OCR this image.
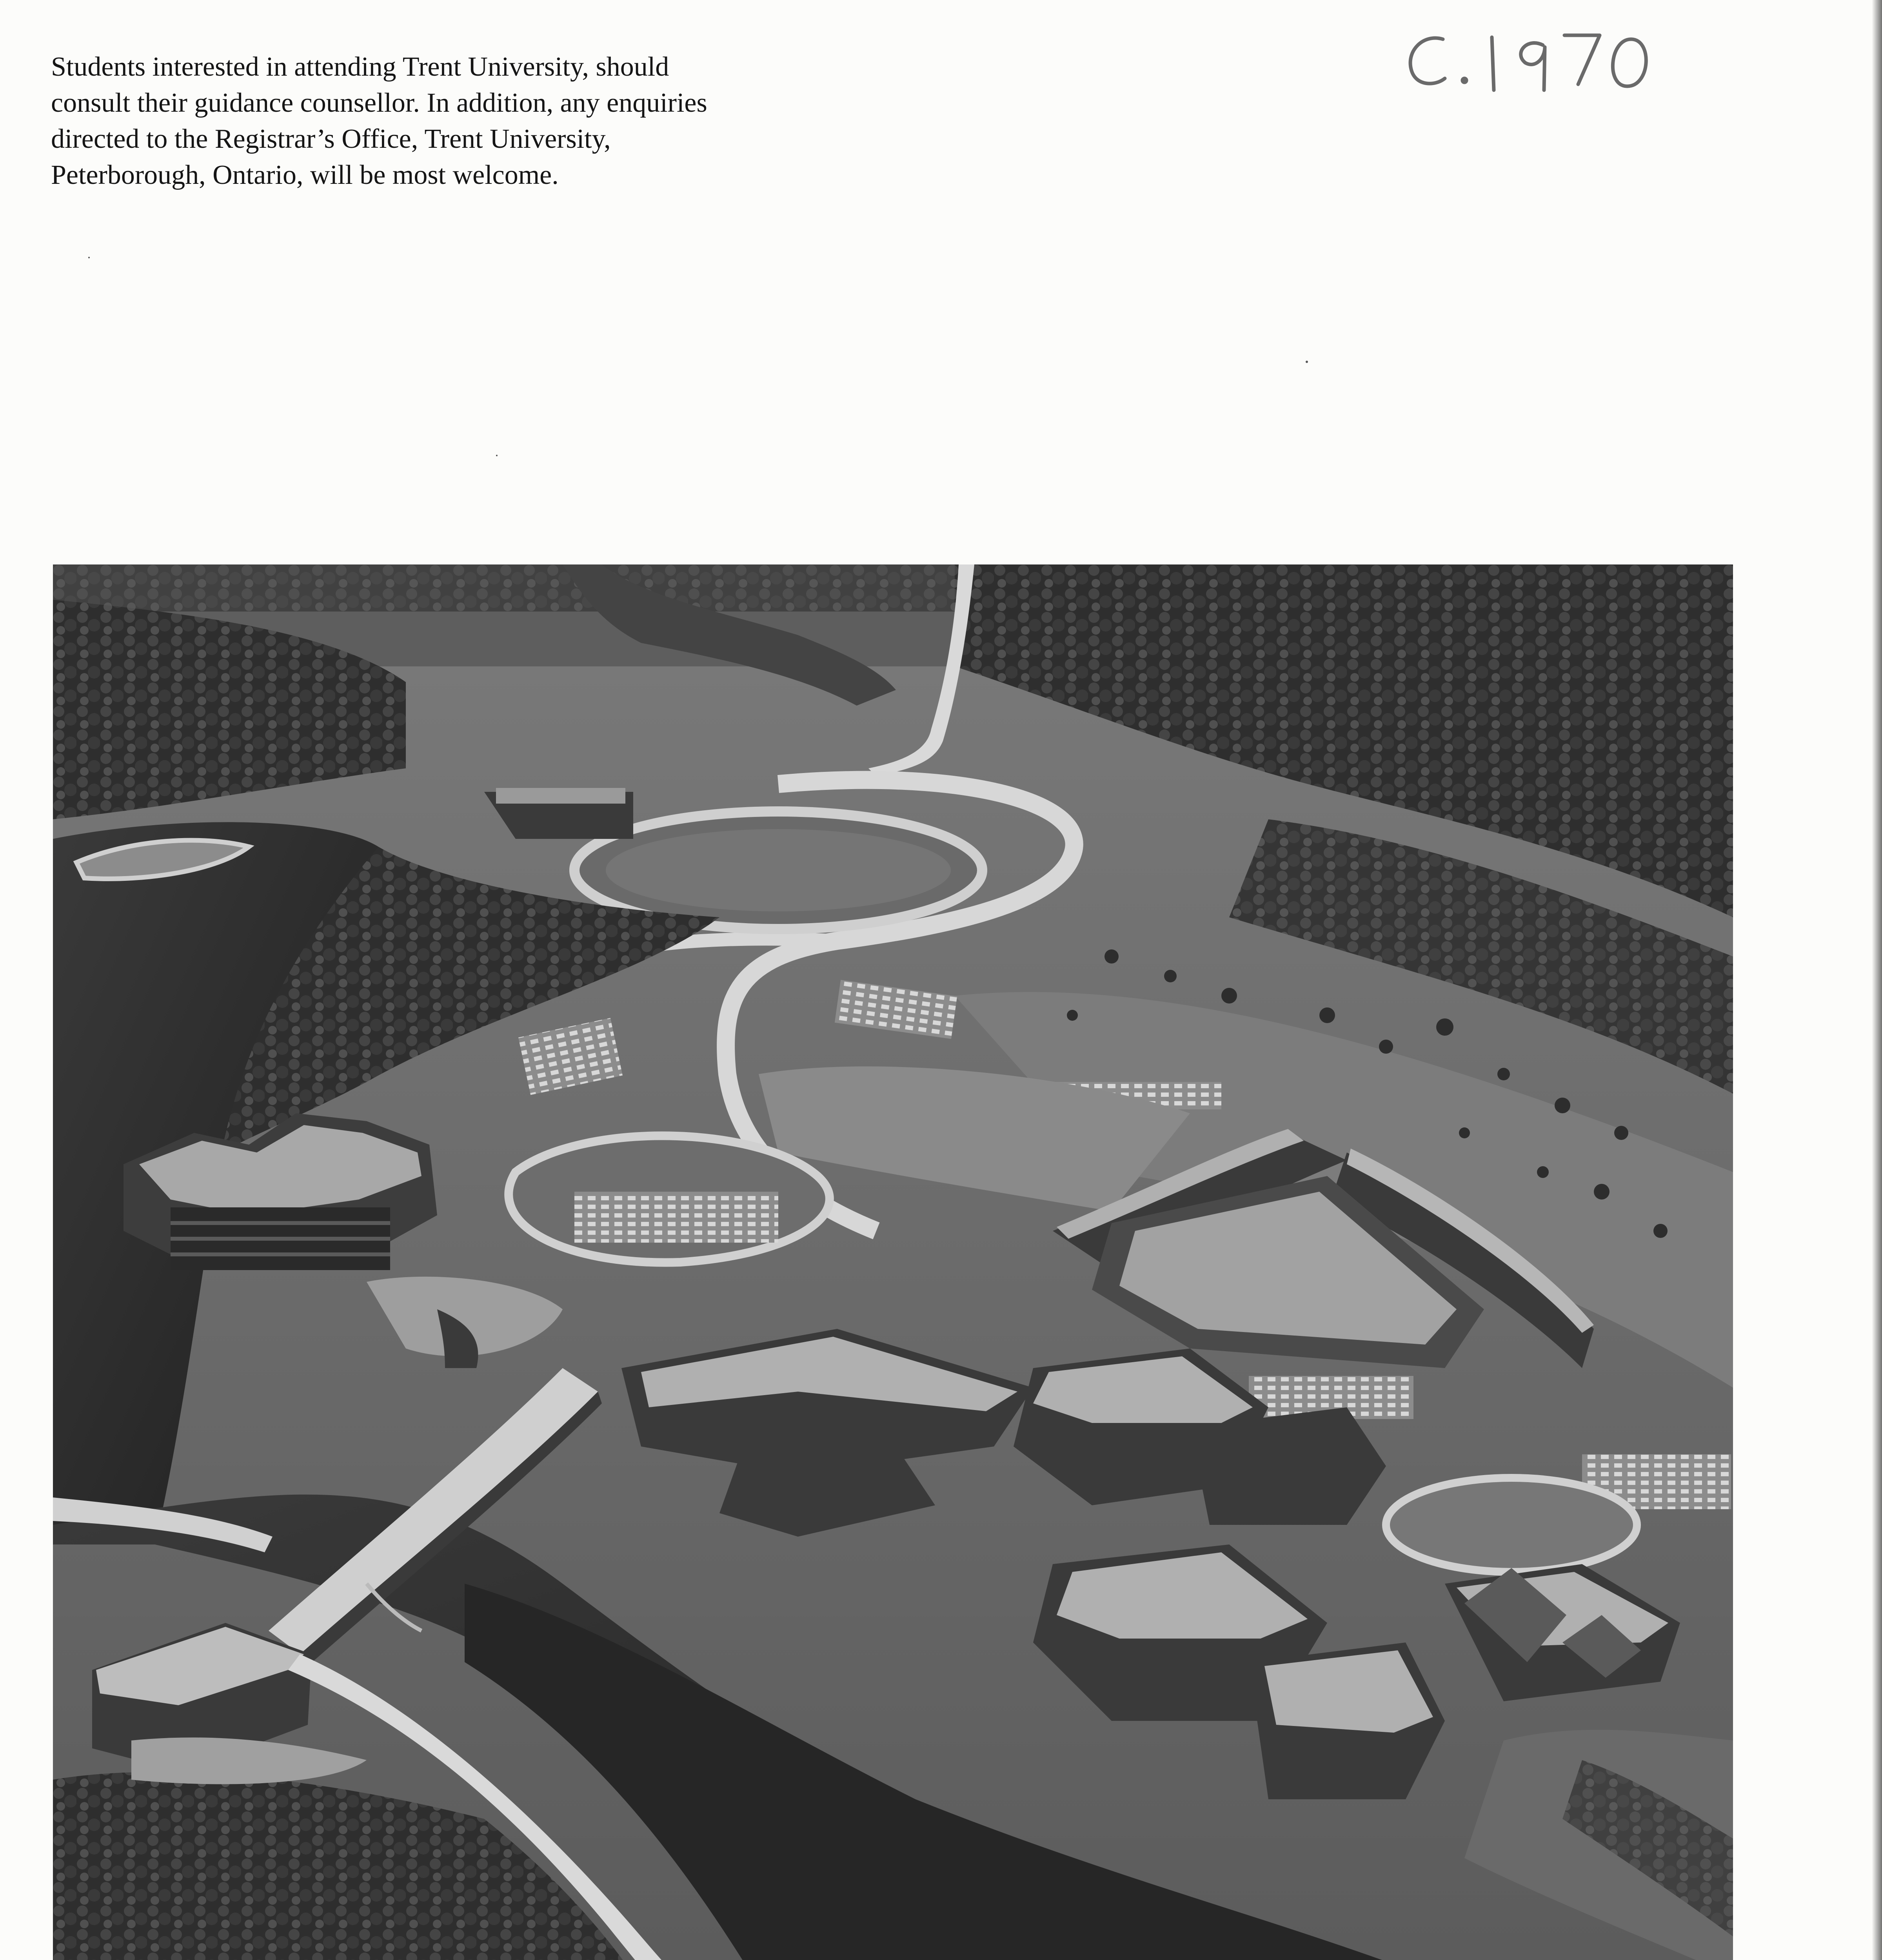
Students interested in attending Trent University, should
consult their guidance counsellor. In addition, any enquiries
directed to the Registrar’s Office, Trent University,
Peterborough, Ontario, will be most welcome.
